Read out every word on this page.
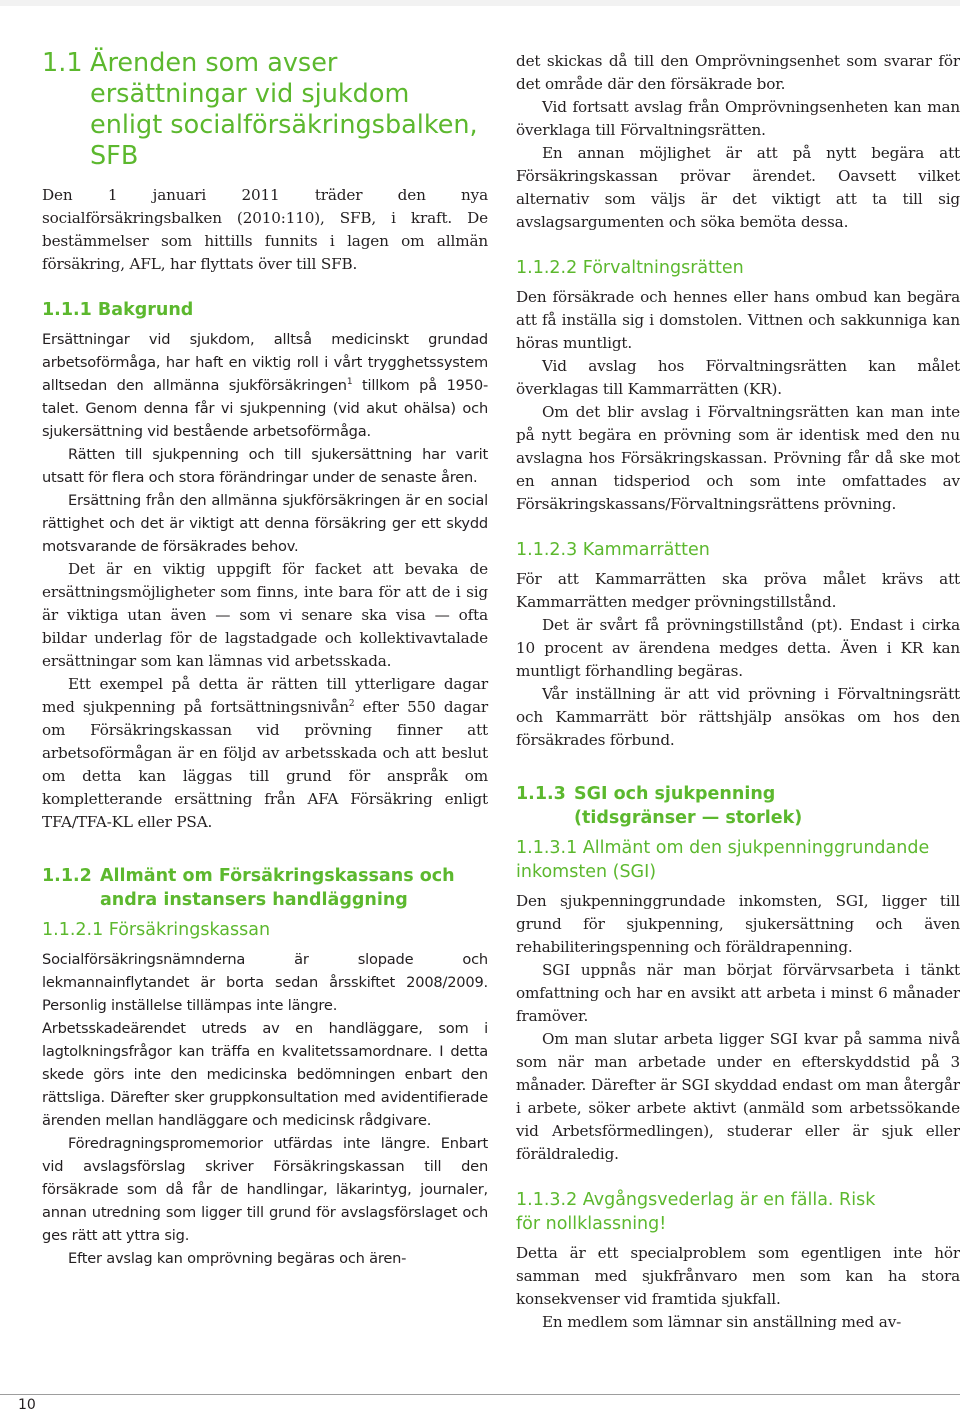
1.1 Ärenden som avser ersättningar vid sjukdom enligt socialförsäkringsbalken, SFB

Den 1 januari 2011 träder den nya socialförsäkringsbalken (2010:110), SFB, i kraft. De bestämmelser som hittills funnits i lagen om allmän försäkring, AFL, har flyttats över till SFB.

1.1.1 Bakgrund

Ersättningar vid sjukdom, alltså medicinskt grundad arbetsoförmåga, har haft en viktig roll i vårt trygghetssystem alltsedan den allmänna sjukförsäkringen$^1$ tillkom på 1950-talet. Genom denna får vi sjukpenning (vid akut ohälsa) och sjukersättning vid bestående arbetsoförmåga.

Rätten till sjukpenning och till sjukersättning har varit utsatt för flera och stora förändringar under de senaste åren.

Ersättning från den allmänna sjukförsäkringen är en social rättighet och det är viktigt att denna försäkring ger ett skydd motsvarande de försäkrades behov.

Det är en viktig uppgift för facket att bevaka de ersättningsmöjligheter som finns, inte bara för att de i sig är viktiga utan även — som vi senare ska visa — ofta bildar underlag för de lagstadgade och kollektivavtalade ersättningar som kan lämnas vid arbetsskada.

Ett exempel på detta är rätten till ytterligare dagar med sjukpenning på fortsättningsnivån$^2$ efter 550 dagar om Försäkringskassan vid prövning finner att arbetsoförmågan är en följd av arbetsskada och att beslut om detta kan läggas till grund för anspråk om kompletterande ersättning från AFA Försäkring enligt TFA/TFA-KL eller PSA.

1.1.2 Allmänt om Försäkringskassans och andra instansers handläggning
1.1.2.1 Försäkringskassan

Socialförsäkringsnämnderna är slopade och lekmannainflytandet är borta sedan årsskiftet 2008/2009. Personlig inställelse tillämpas inte längre.

Arbetsskadeärendet utreds av en handläggare, som i lagtolkningsfrågor kan träffa en kvalitetssamordnare. I detta skede görs inte den medicinska bedömningen enbart den rättsliga. Därefter sker gruppkonsultation med avidentifierade ärenden mellan handläggare och medicinsk rådgivare.

Föredragningspromemorior utfärdas inte längre. Enbart vid avslagsförslag skriver Försäkringskassan till den försäkrade som då får de handlingar, läkarintyg, journaler, annan utredning som ligger till grund för avslagsförslaget och ges rätt att yttra sig.

Efter avslag kan omprövning begäras och ären-

det skickas då till den Omprövningsenhet som svarar för det område där den försäkrade bor.

Vid fortsatt avslag från Omprövningsenheten kan man överklaga till Förvaltningsrätten.

En annan möjlighet är att på nytt begära att Försäkringskassan prövar ärendet. Oavsett vilket alternativ som väljs är det viktigt att ta till sig avslagsargumenten och söka bemöta dessa.

1.1.2.2 Förvaltningsrätten

Den försäkrade och hennes eller hans ombud kan begära att få inställa sig i domstolen. Vittnen och sakkunniga kan höras muntligt.

Vid avslag hos Förvaltningsrätten kan målet överklagas till Kammarrätten (KR).

Om det blir avslag i Förvaltningsrätten kan man inte på nytt begära en prövning som är identisk med den nu avslagna hos Försäkringskassan. Prövning får då ske mot en annan tidsperiod och som inte omfattades av Försäkringskassans/Förvaltningsrättens prövning.

1.1.2.3 Kammarrätten

För att Kammarrätten ska pröva målet krävs att Kammarrätten medger prövningstillstånd.

Det är svårt få prövningstillstånd (pt). Endast i cirka 10 procent av ärendena medges detta. Även i KR kan muntligt förhandling begäras.

Vår inställning är att vid prövning i Förvaltningsrätt och Kammarrätt bör rättshjälp ansökas om hos den försäkrades förbund.

1.1.3 SGI och sjukpenning (tidsgränser — storlek)
1.1.3.1 Allmänt om den sjukpenninggrundande inkomsten (SGI)

Den sjukpenninggrundade inkomsten, SGI, ligger till grund för sjukpenning, sjukersättning och även rehabiliteringspenning och föräldrapenning.

SGI uppnås när man börjat förvärvsarbeta i tänkt omfattning och har en avsikt att arbeta i minst 6 månader framöver.

Om man slutar arbeta ligger SGI kvar på samma nivå som när man arbetade under en efterskyddstid på 3 månader. Därefter är SGI skyddad endast om man återgår i arbete, söker arbete aktivt (anmäld som arbetssökande vid Arbetsförmedlingen), studerar eller är sjuk eller föräldraledig.

1.1.3.2 Avgångsvederlag är en fälla. Risk för nollklassning!

Detta är ett specialproblem som egentligen inte hör samman med sjukfrånvaro men som kan ha stora konsekvenser vid framtida sjukfall.

En medlem som lämnar sin anställning med av-

10
